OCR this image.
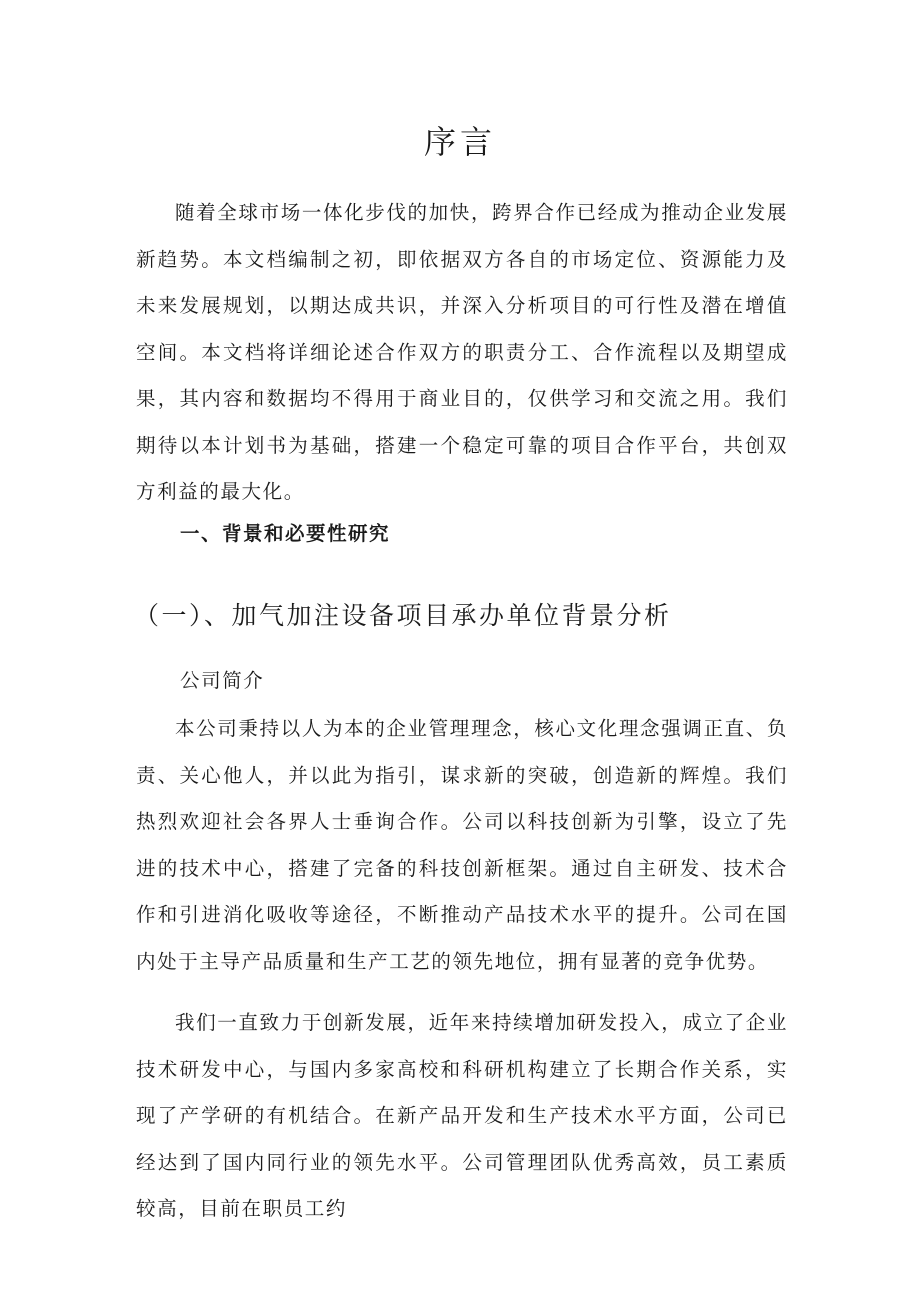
序言

随着全球市场一体化步伐的加快，跨界合作已经成为推动企业发展新趋势。本文档编制之初，即依据双方各自的市场定位、资源能力及未来发展规划，以期达成共识，并深入分析项目的可行性及潜在增值空间。本文档将详细论述合作双方的职责分工、合作流程以及期望成果，其内容和数据均不得用于商业目的，仅供学习和交流之用。我们期待以本计划书为基础，搭建一个稳定可靠的项目合作平台，共创双方利益的最大化。

一、背景和必要性研究
（一）、加气加注设备项目承办单位背景分析
公司简介

本公司秉持以人为本的企业管理理念，核心文化理念强调正直、负责、关心他人，并以此为指引，谋求新的突破，创造新的辉煌。我们热烈欢迎社会各界人士垂询合作。公司以科技创新为引擎，设立了先进的技术中心，搭建了完备的科技创新框架。通过自主研发、技术合作和引进消化吸收等途径，不断推动产品技术水平的提升。公司在国内处于主导产品质量和生产工艺的领先地位，拥有显著的竞争优势。

我们一直致力于创新发展，近年来持续增加研发投入，成立了企业技术研发中心，与国内多家高校和科研机构建立了长期合作关系，实现了产学研的有机结合。在新产品开发和生产技术水平方面，公司已经达到了国内同行业的领先水平。公司管理团队优秀高效，员工素质较高，目前在职员工约
